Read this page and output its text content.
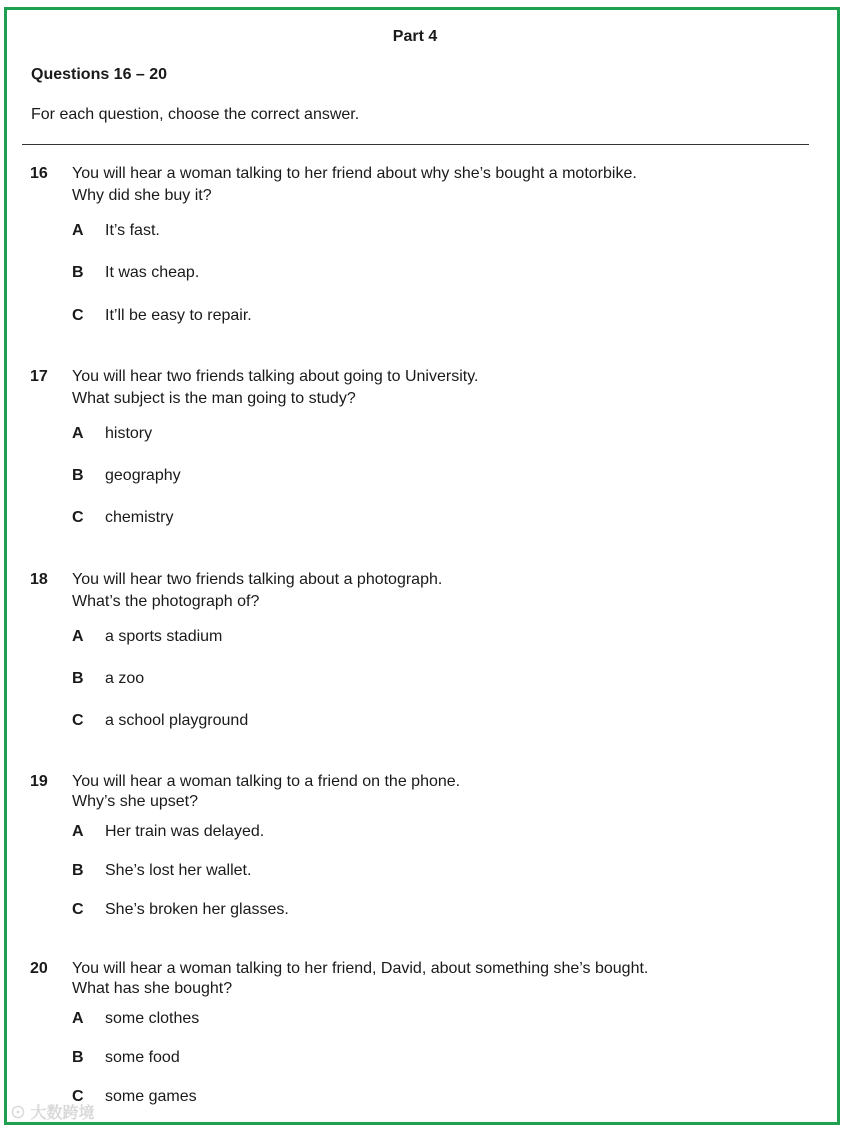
Part 4
Questions 16 – 20
For each question, choose the correct answer.
16 You will hear a woman talking to her friend about why she’s bought a motorbike.
Why did she buy it?
A It’s fast.
B It was cheap.
C It’ll be easy to repair.
17 You will hear two friends talking about going to University.
What subject is the man going to study?
A history
B geography
C chemistry
18 You will hear two friends talking about a photograph.
What’s the photograph of?
A a sports stadium
B a zoo
C a school playground
19 You will hear a woman talking to a friend on the phone.
Why’s she upset?
A Her train was delayed.
B She’s lost her wallet.
C She’s broken her glasses.
20 You will hear a woman talking to her friend, David, about something she’s bought.
What has she bought?
A some clothes
B some food
C some games
⊙ 大数跨境
